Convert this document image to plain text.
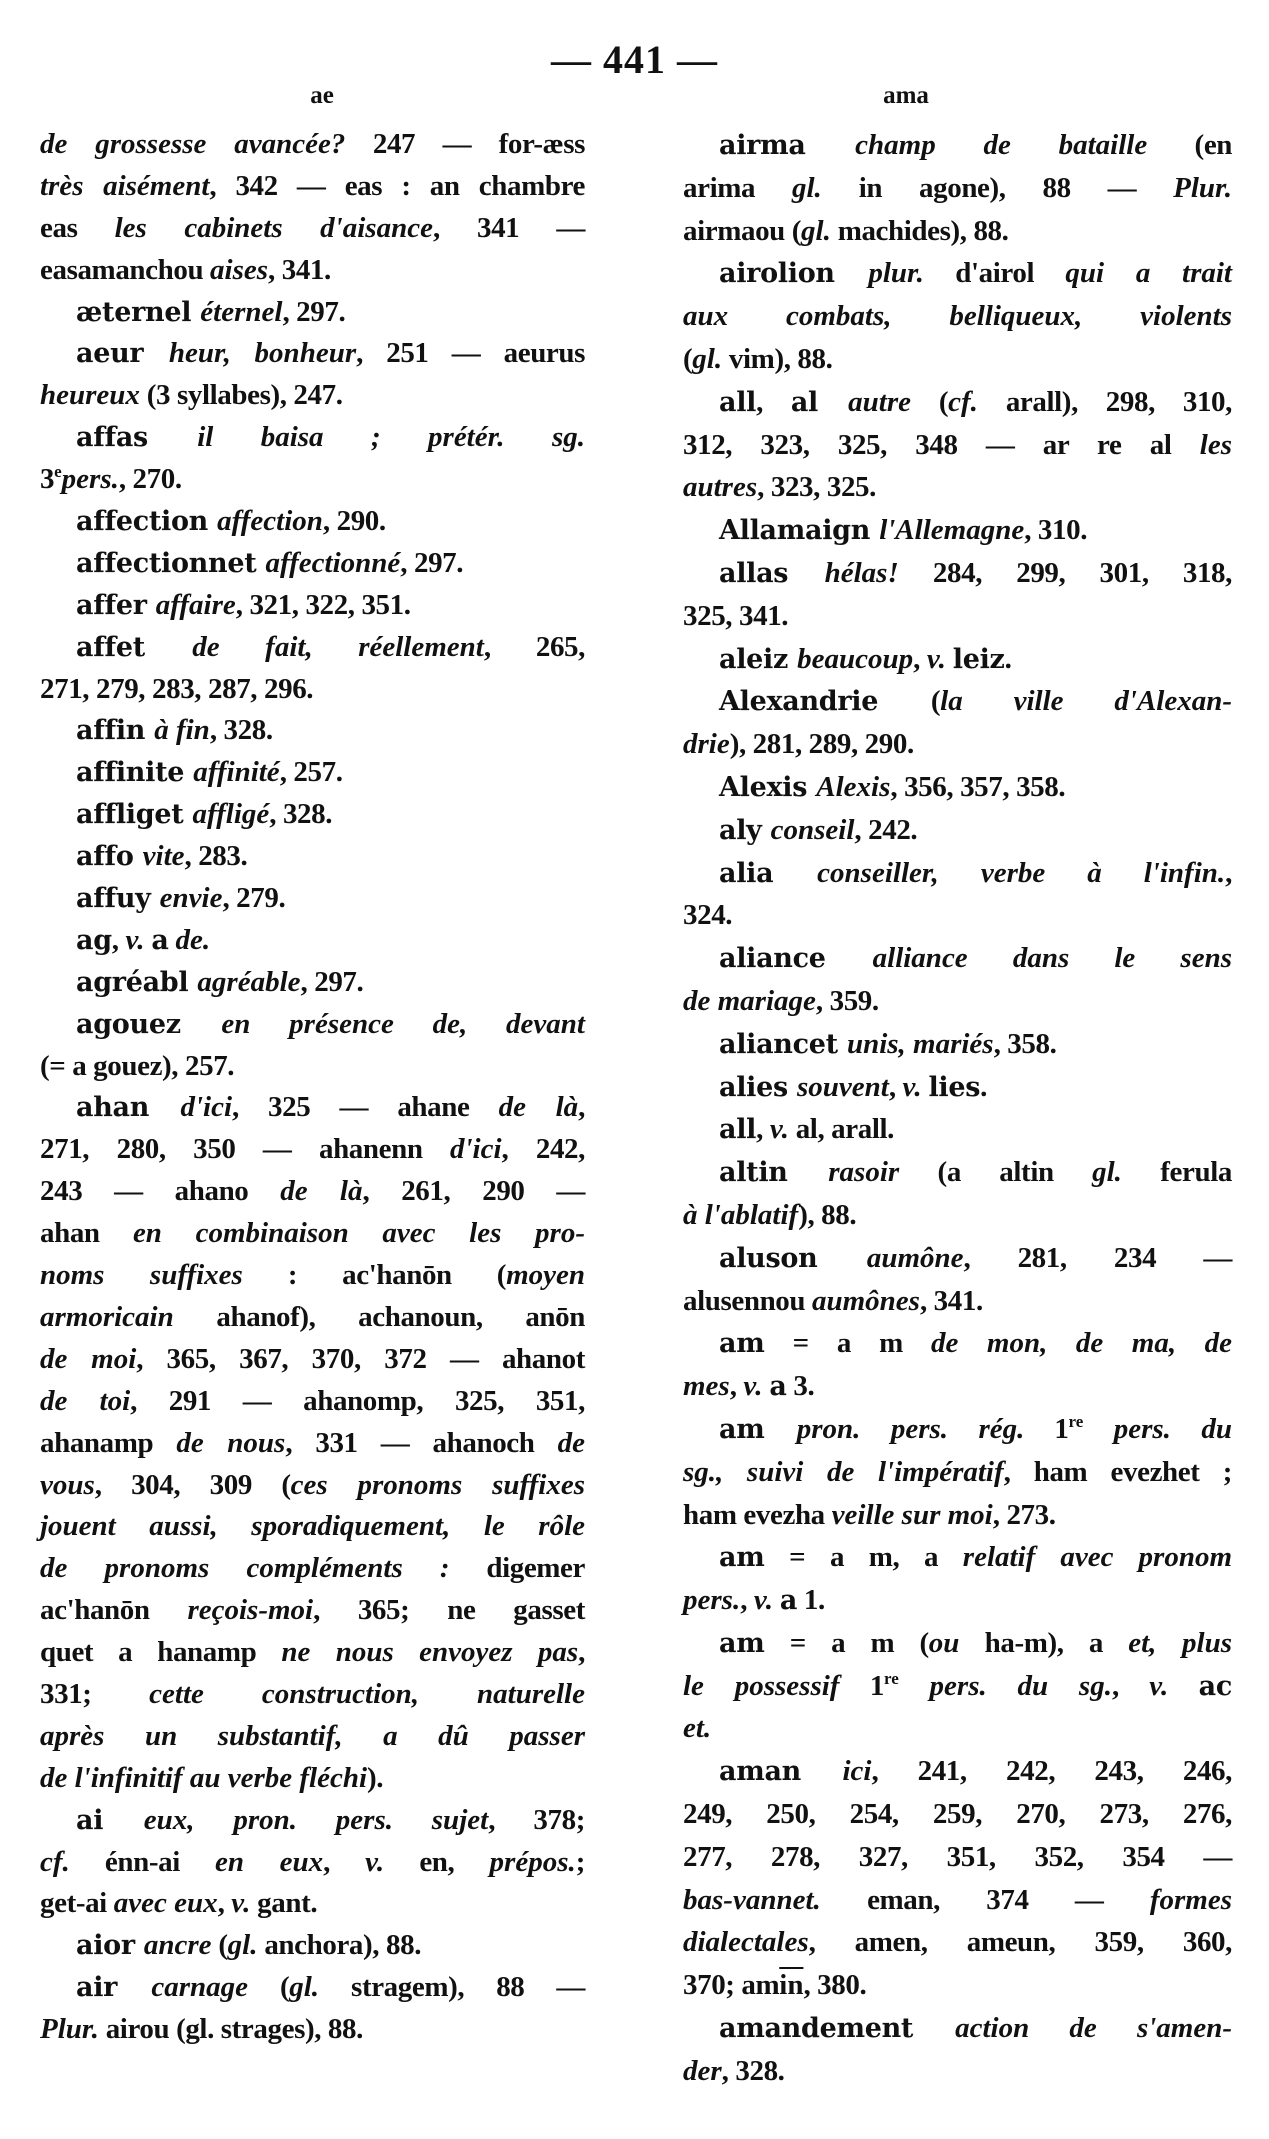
— 441 —
ae	ama
de grossesse avancée? 247 — for-æss
très aisément, 342 — eas : an chambre
eas les cabinets d'aisance, 341 —
easamanchou aises, 341.
æternel éternel, 297.
aeur heur, bonheur, 251 — aeurus
heureux (3 syllabes), 247.
affas il baisa ; prétér. sg.
3epers., 270.
affection affection, 290.
affectionnet affectionné, 297.
affer affaire, 321, 322, 351.
affet de fait, réellement, 265,
271, 279, 283, 287, 296.
affin à fin, 328.
affinite affinité, 257.
affliget affligé, 328.
affo vite, 283.
affuy envie, 279.
ag, v. a de.
agréabl agréable, 297.
agouez en présence de, devant
(= a gouez), 257.
ahan d'ici, 325 — ahane de là,
271, 280, 350 — ahanenn d'ici, 242,
243 — ahano de là, 261, 290 —
ahan en combinaison avec les pro-
noms suffixes : ac'hanōn (moyen
armoricain ahanof), achanoun, anōn
de moi, 365, 367, 370, 372 — ahanot
de toi, 291 — ahanomp, 325, 351,
ahanamp de nous, 331 — ahanoch de
vous, 304, 309 (ces pronoms suffixes
jouent aussi, sporadiquement, le rôle
de pronoms compléments : digemer
ac'hanōn reçois-moi, 365; ne gasset
quet a hanamp ne nous envoyez pas,
331; cette construction, naturelle
après un substantif, a dû passer
de l'infinitif au verbe fléchi).
ai eux, pron. pers. sujet, 378;
cf. énn-ai en eux, v. en, prépos.;
get-ai avec eux, v. gant.
aior ancre (gl. anchora), 88.
air carnage (gl. stragem), 88 —
Plur. airou (gl. strages), 88.
airma champ de bataille (en
arima gl. in agone), 88 — Plur.
airmaou (gl. machides), 88.
airolion plur. d'airol qui a trait
aux combats, belliqueux, violents
(gl. vim), 88.
all, al autre (cf. arall), 298, 310,
312, 323, 325, 348 — ar re al les
autres, 323, 325.
Allamaign l'Allemagne, 310.
allas hélas! 284, 299, 301, 318,
325, 341.
aleiz beaucoup, v. leiz.
Alexandrie (la ville d'Alexan-
drie), 281, 289, 290.
Alexis Alexis, 356, 357, 358.
aly conseil, 242.
alia conseiller, verbe à l'infin.,
324.
aliance alliance dans le sens
de mariage, 359.
aliancet unis, mariés, 358.
alies souvent, v. lies.
all, v. al, arall.
altin rasoir (a altin gl. ferula
à l'ablatif), 88.
aluson aumône, 281, 234 —
alusennou aumônes, 341.
am = a m de mon, de ma, de
mes, v. a 3.
am pron. pers. rég. 1re pers. du
sg., suivi de l'impératif, ham evezhet ;
ham evezha veille sur moi, 273.
am = a m, a relatif avec pronom
pers., v. a 1.
am = a m (ou ha-m), a et, plus
le possessif 1re pers. du sg., v. ac
et.
aman ici, 241, 242, 243, 246,
249, 250, 254, 259, 270, 273, 276,
277, 278, 327, 351, 352, 354 —
bas-vannet. eman, 374 — formes
dialectales, amen, ameun, 359, 360,
370; $am\overline{in}$, 380.
amandement action de s'amen-
der, 328.
